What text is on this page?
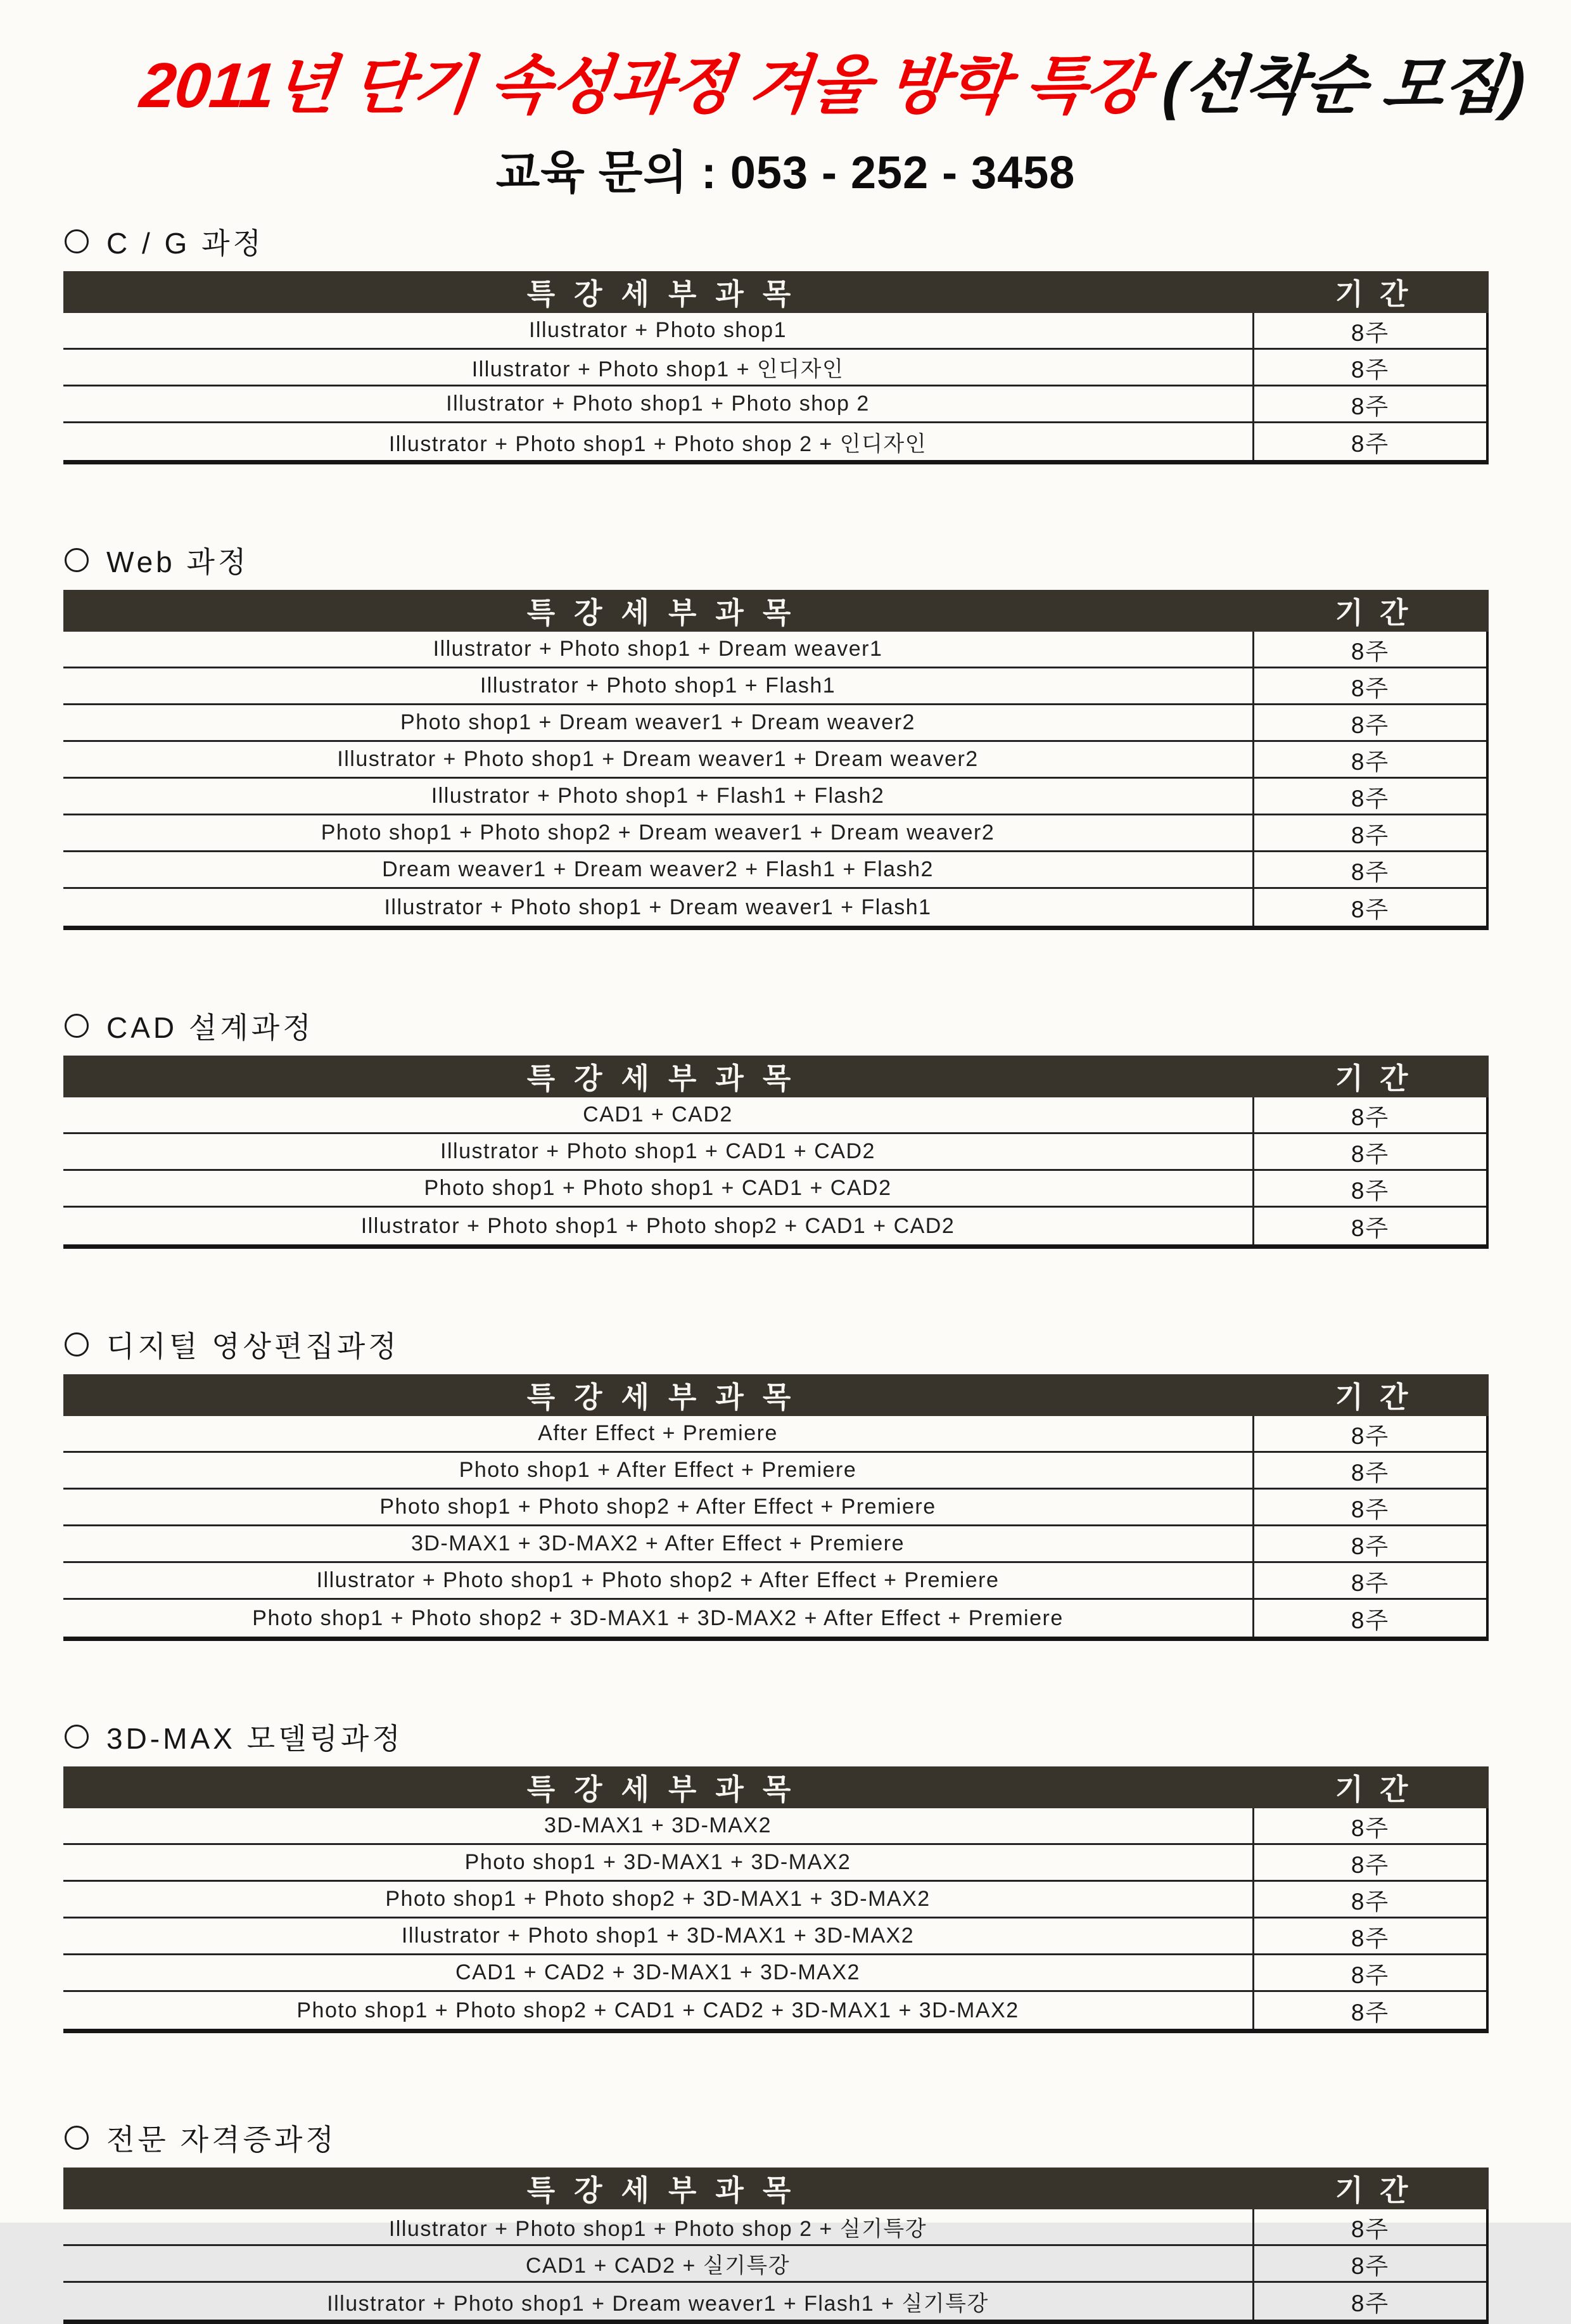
2011년 단기 속성과정 겨울 방학 특강 (선착순 모집)
교육 문의 : 053 - 252 - 3458
C / G 과정
특강세부과목	기간
Illustrator + Photo shop1	8주
Illustrator + Photo shop1 + 인디자인	8주
Illustrator + Photo shop1 + Photo shop 2	8주
Illustrator + Photo shop1 + Photo shop 2 + 인디자인	8주
Web 과정
특강세부과목	기간
Illustrator + Photo shop1 + Dream weaver1	8주
Illustrator + Photo shop1 + Flash1	8주
Photo shop1 + Dream weaver1 + Dream weaver2	8주
Illustrator + Photo shop1 + Dream weaver1 + Dream weaver2	8주
Illustrator + Photo shop1 + Flash1 + Flash2	8주
Photo shop1 + Photo shop2 + Dream weaver1 + Dream weaver2	8주
Dream weaver1 + Dream weaver2 + Flash1 + Flash2	8주
Illustrator + Photo shop1 + Dream weaver1 + Flash1	8주
CAD 설계과정
특강세부과목	기간
CAD1 + CAD2	8주
Illustrator + Photo shop1 + CAD1 + CAD2	8주
Photo shop1 + Photo shop1 + CAD1 + CAD2	8주
Illustrator + Photo shop1 + Photo shop2 + CAD1 + CAD2	8주
디지털 영상편집과정
특강세부과목	기간
After Effect + Premiere	8주
Photo shop1 + After Effect + Premiere	8주
Photo shop1 + Photo shop2 + After Effect + Premiere	8주
3D-MAX1 + 3D-MAX2 + After Effect + Premiere	8주
Illustrator + Photo shop1 + Photo shop2 + After Effect + Premiere	8주
Photo shop1 + Photo shop2 + 3D-MAX1 + 3D-MAX2 + After Effect + Premiere	8주
3D-MAX 모델링과정
특강세부과목	기간
3D-MAX1 + 3D-MAX2	8주
Photo shop1 + 3D-MAX1 + 3D-MAX2	8주
Photo shop1 + Photo shop2 + 3D-MAX1 + 3D-MAX2	8주
Illustrator + Photo shop1 + 3D-MAX1 + 3D-MAX2	8주
CAD1 + CAD2 + 3D-MAX1 + 3D-MAX2	8주
Photo shop1 + Photo shop2 + CAD1 + CAD2 + 3D-MAX1 + 3D-MAX2	8주
전문 자격증과정
특강세부과목	기간
Illustrator + Photo shop1 + Photo shop 2 + 실기특강	8주
CAD1 + CAD2 + 실기특강	8주
Illustrator + Photo shop1 + Dream weaver1 + Flash1 + 실기특강	8주
